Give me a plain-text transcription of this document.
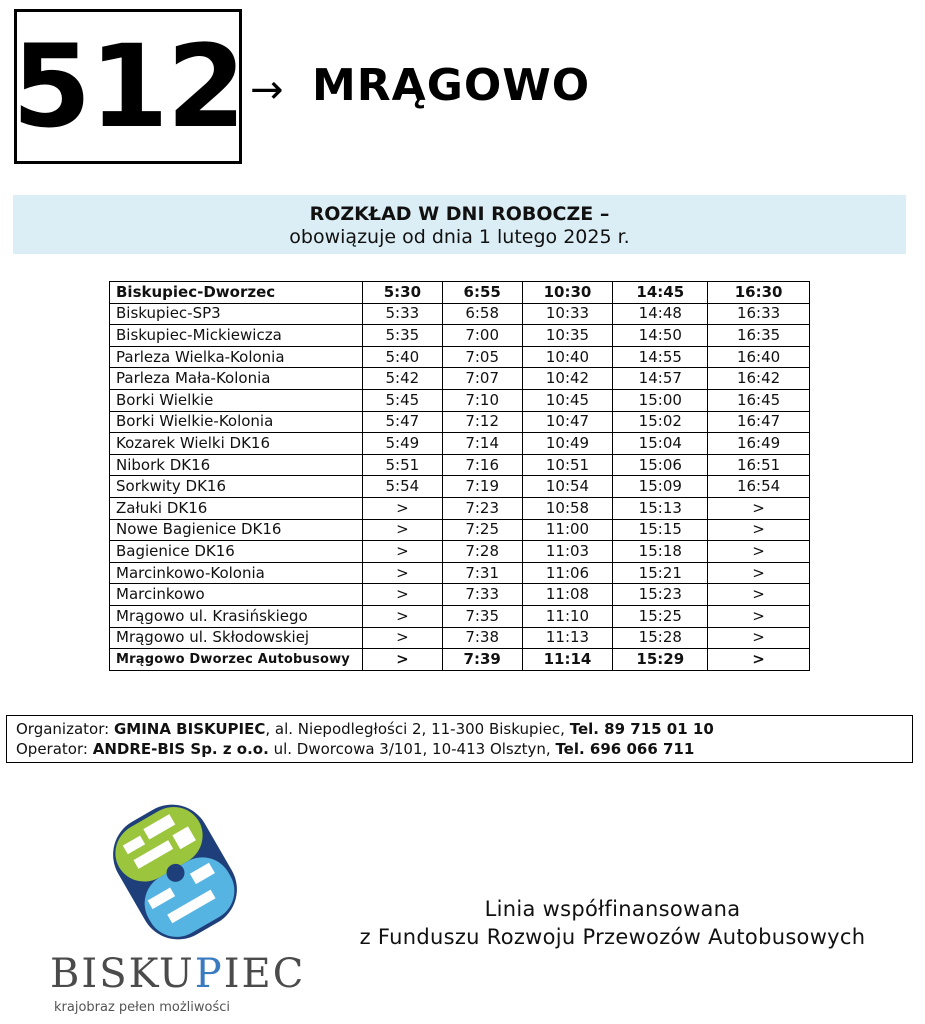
512 → MRĄGOWO
ROZKŁAD W DNI ROBOCZE –
obowiązuje od dnia 1 lutego 2025 r.
Biskupiec-Dworzec	5:30	6:55	10:30	14:45	16:30
Biskupiec-SP3	5:33	6:58	10:33	14:48	16:33
Biskupiec-Mickiewicza	5:35	7:00	10:35	14:50	16:35
Parleza Wielka-Kolonia	5:40	7:05	10:40	14:55	16:40
Parleza Mała-Kolonia	5:42	7:07	10:42	14:57	16:42
Borki Wielkie	5:45	7:10	10:45	15:00	16:45
Borki Wielkie-Kolonia	5:47	7:12	10:47	15:02	16:47
Kozarek Wielki DK16	5:49	7:14	10:49	15:04	16:49
Nibork DK16	5:51	7:16	10:51	15:06	16:51
Sorkwity DK16	5:54	7:19	10:54	15:09	16:54
Załuki DK16	>	7:23	10:58	15:13	>
Nowe Bagienice DK16	>	7:25	11:00	15:15	>
Bagienice DK16	>	7:28	11:03	15:18	>
Marcinkowo-Kolonia	>	7:31	11:06	15:21	>
Marcinkowo	>	7:33	11:08	15:23	>
Mrągowo ul. Krasińskiego	>	7:35	11:10	15:25	>
Mrągowo ul. Skłodowskiej	>	7:38	11:13	15:28	>
Mrągowo Dworzec Autobusowy	>	7:39	11:14	15:29	>
Organizator: GMINA BISKUPIEC, al. Niepodległości 2, 11-300 Biskupiec, Tel. 89 715 01 10
Operator: ANDRE-BIS Sp. z o.o. ul. Dworcowa 3/101, 10-413 Olsztyn, Tel. 696 066 711
BISKUPIEC
krajobraz pełen możliwości
Linia współfinansowana
z Funduszu Rozwoju Przewozów Autobusowych
